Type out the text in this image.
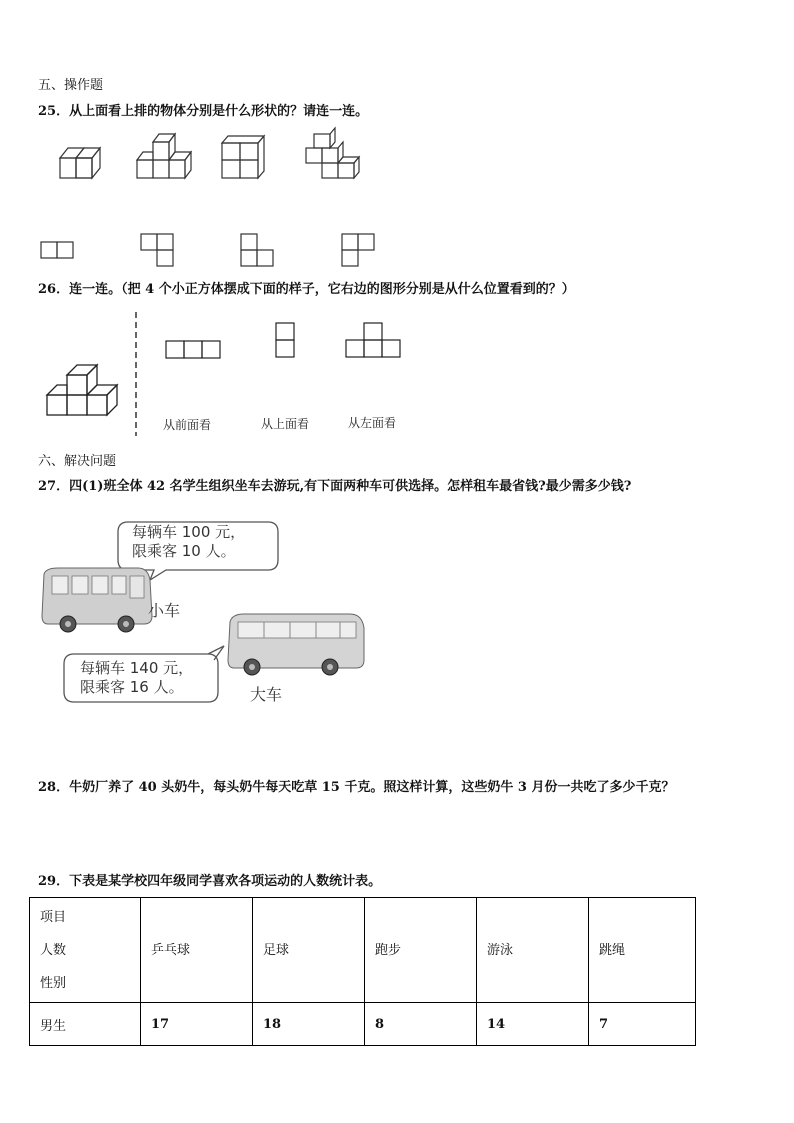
五、操作题
25．从上面看上排的物体分别是什么形状的？请连一连。
26．连一连。（把 4 个小正方体摆成下面的样子，它右边的图形分别是从什么位置看到的？）
从前面看	从上面看	从左面看
六、解决问题
27．四(1)班全体 42 名学生组织坐车去游玩,有下面两种车可供选择。怎样租车最省钱?最少需多少钱?
每辆车 100 元，
限乘客 10 人。
小车
每辆车 140 元，
限乘客 16 人。	大车
28．牛奶厂养了 40 头奶牛，每头奶牛每天吃草 15 千克。照这样计算，这些奶牛 3 月份一共吃了多少千克？
29．下表是某学校四年级同学喜欢各项运动的人数统计表。
项目
人数
性别	乒乓球	足球	跑步	游泳	跳绳
男生	17	18	8	14	7
